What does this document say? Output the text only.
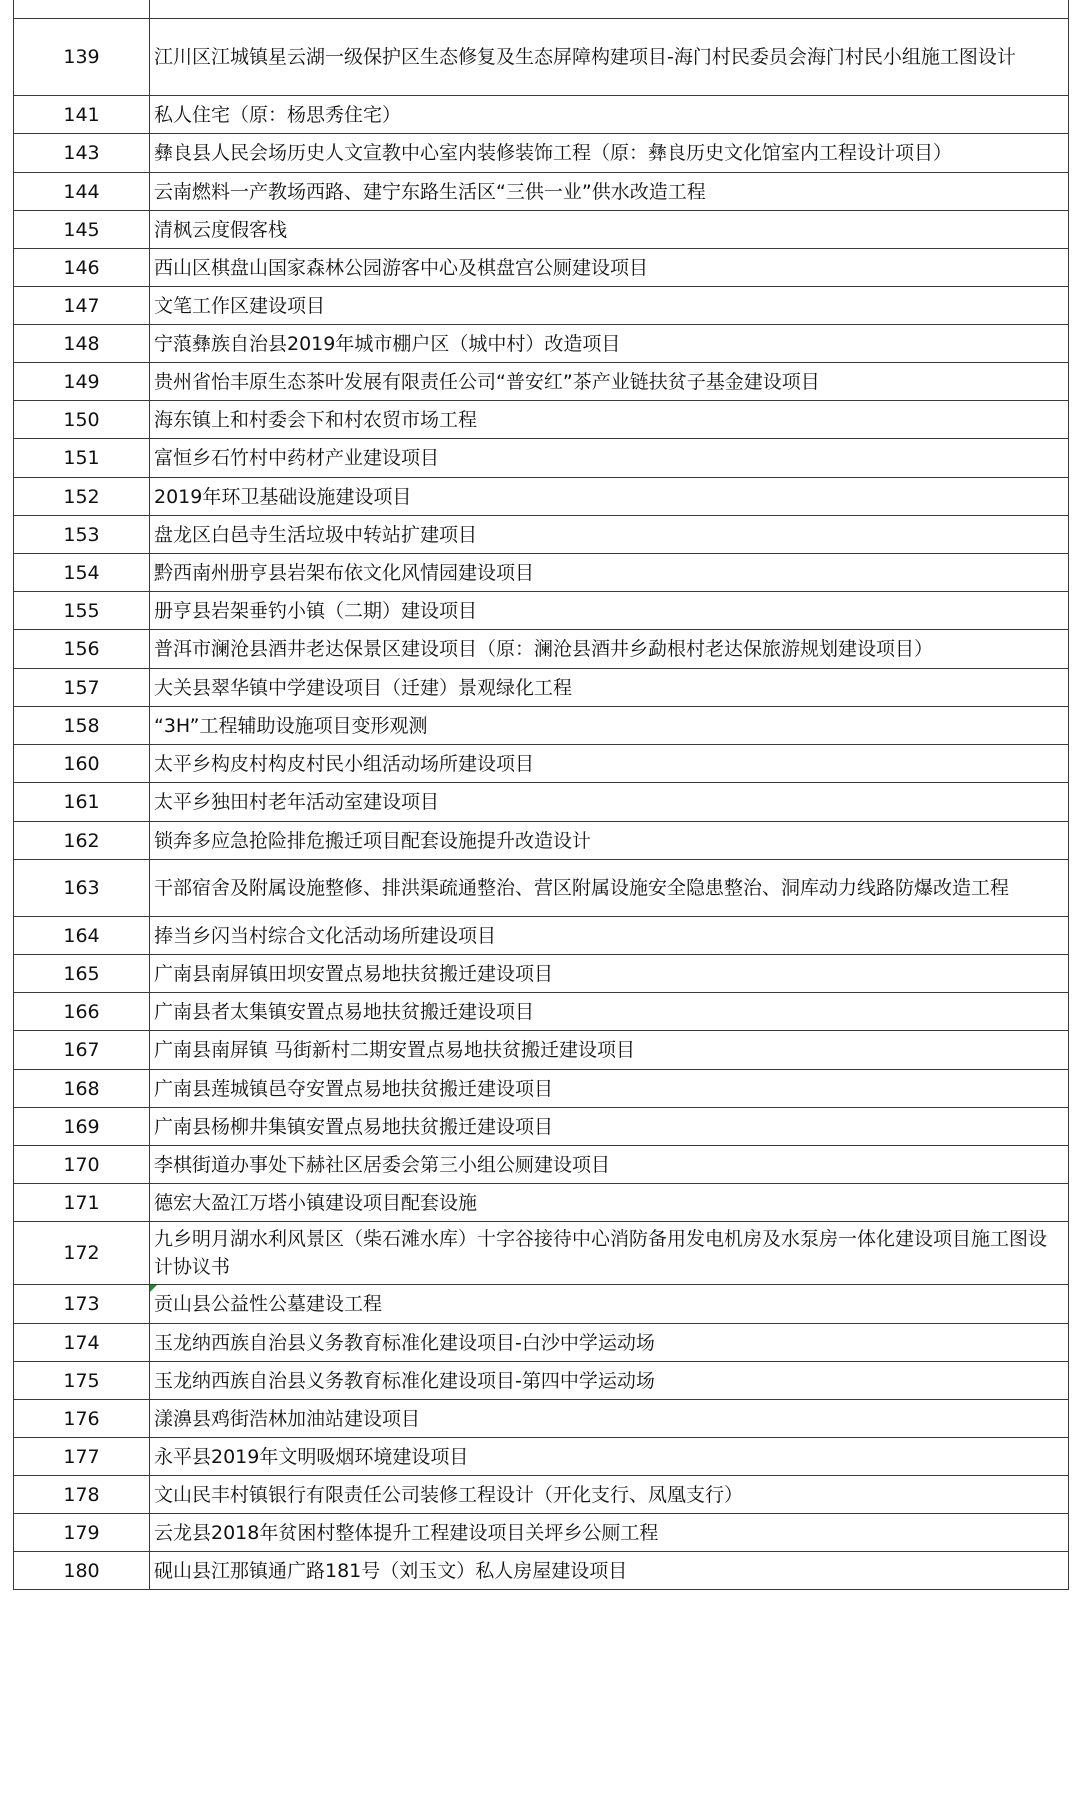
139	江川区江城镇星云湖一级保护区生态修复及生态屏障构建项目-海门村民委员会海门村民小组施工图设计

141	私人住宅（原：杨思秀住宅）

143	彝良县人民会场历史人文宣教中心室内装修装饰工程（原：彝良历史文化馆室内工程设计项目）

144	云南燃料一产教场西路、建宁东路生活区“三供一业”供水改造工程

145	清枫云度假客栈

146	西山区棋盘山国家森林公园游客中心及棋盘宫公厕建设项目

147	文笔工作区建设项目

148	宁蒗彝族自治县2019年城市棚户区（城中村）改造项目

149	贵州省怡丰原生态茶叶发展有限责任公司“普安红”茶产业链扶贫子基金建设项目

150	海东镇上和村委会下和村农贸市场工程

151	富恒乡石竹村中药材产业建设项目

152	2019年环卫基础设施建设项目

153	盘龙区白邑寺生活垃圾中转站扩建项目

154	黔西南州册亨县岩架布依文化风情园建设项目

155	册亨县岩架垂钓小镇（二期）建设项目

156	普洱市澜沧县酒井老达保景区建设项目（原：澜沧县酒井乡勐根村老达保旅游规划建设项目）

157	大关县翠华镇中学建设项目（迁建）景观绿化工程

158	“3H”工程辅助设施项目变形观测

160	太平乡构皮村构皮村民小组活动场所建设项目

161	太平乡独田村老年活动室建设项目

162	锁奔多应急抢险排危搬迁项目配套设施提升改造设计

163	干部宿舍及附属设施整修、排洪渠疏通整治、营区附属设施安全隐患整治、洞库动力线路防爆改造工程

164	捧当乡闪当村综合文化活动场所建设项目

165	广南县南屏镇田坝安置点易地扶贫搬迁建设项目

166	广南县者太集镇安置点易地扶贫搬迁建设项目

167	广南县南屏镇 马街新村二期安置点易地扶贫搬迁建设项目

168	广南县莲城镇邑夺安置点易地扶贫搬迁建设项目

169	广南县杨柳井集镇安置点易地扶贫搬迁建设项目

170	李棋街道办事处下赫社区居委会第三小组公厕建设项目

171	德宏大盈江万塔小镇建设项目配套设施

172	九乡明月湖水利风景区（柴石滩水库）十字谷接待中心消防备用发电机房及水泵房一体化建设项目施工图设计协议书

173	贡山县公益性公墓建设工程

174	玉龙纳西族自治县义务教育标准化建设项目-白沙中学运动场

175	玉龙纳西族自治县义务教育标准化建设项目-第四中学运动场

176	漾濞县鸡街浩林加油站建设项目

177	永平县2019年文明吸烟环境建设项目

178	文山民丰村镇银行有限责任公司装修工程设计（开化支行、凤凰支行）

179	云龙县2018年贫困村整体提升工程建设项目关坪乡公厕工程

180	砚山县江那镇通广路181号（刘玉文）私人房屋建设项目
